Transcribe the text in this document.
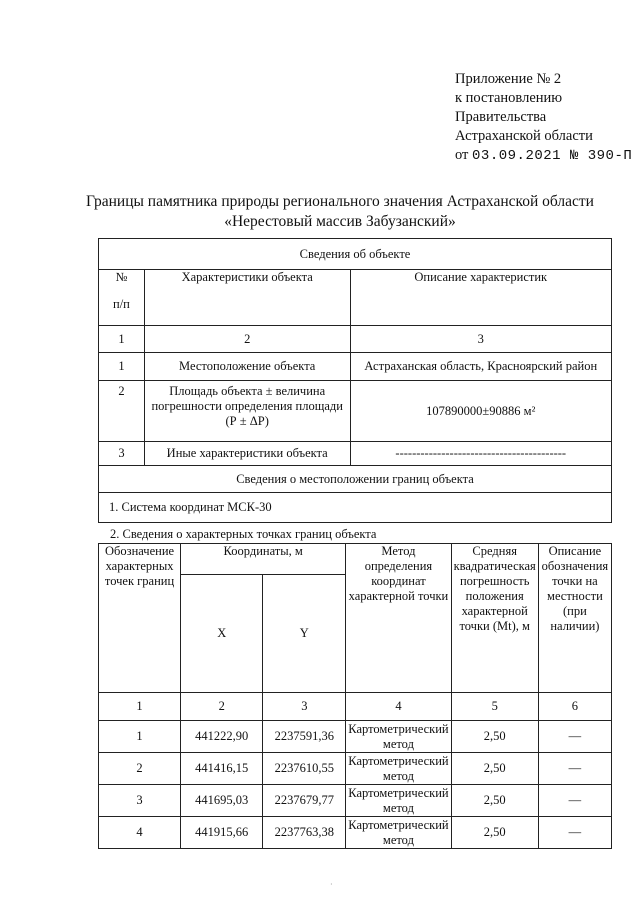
Приложение № 2
к постановлению
Правительства
Астраханской области
от 03.09.2021 № 390-П
Границы памятника природы регионального значения Астраханской области
«Нерестовый массив Забузанский»
Сведения об объекте		

№
п/п	Характеристики объекта	Описание характеристик
1	2	3
1	Местоположение объекта	Астраханская область, Красноярский район
2	Площадь объекта ± величина погрешности определения площади (Р ± ΔР)	107890000±90886 м²
3	Иные характеристики объекта	-----------------------------------------
Сведения о местоположении границ объекта		
1. Система координат МСК-30		
2. Сведения о характерных точках границ объекта
Обозначение характерных точек границ	Координаты, м		Метод определения координат характерной точки	Средняя квадратическая погрешность положения характерной точки (Mt), м	Описание обозначения точки на местности (при наличии)
	X	Y			
1	2	3	4	5	6
1	441222,90	2237591,36	Картометрический метод	2,50	—
2	441416,15	2237610,55	Картометрический метод	2,50	—
3	441695,03	2237679,77	Картометрический метод	2,50	—
4	441915,66	2237763,38	Картометрический метод	2,50	—
·
